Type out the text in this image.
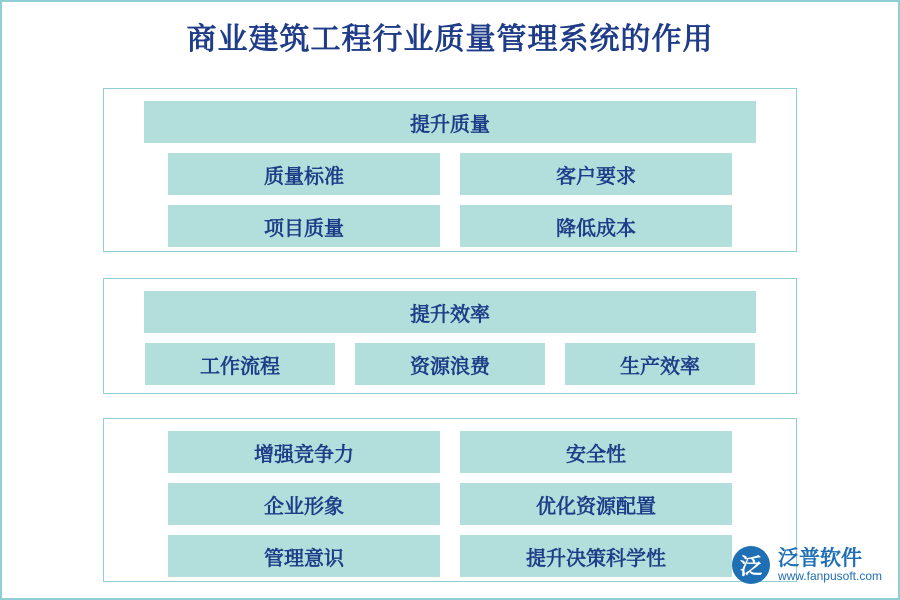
商业建筑工程行业质量管理系统的作用
提升质量
质量标准	客户要求
项目质量	降低成本
提升效率
工作流程	资源浪费	生产效率
增强竞争力	安全性
企业形象	优化资源配置
管理意识	提升决策科学性	泛 泛普软件
www.fanpusoft.com
